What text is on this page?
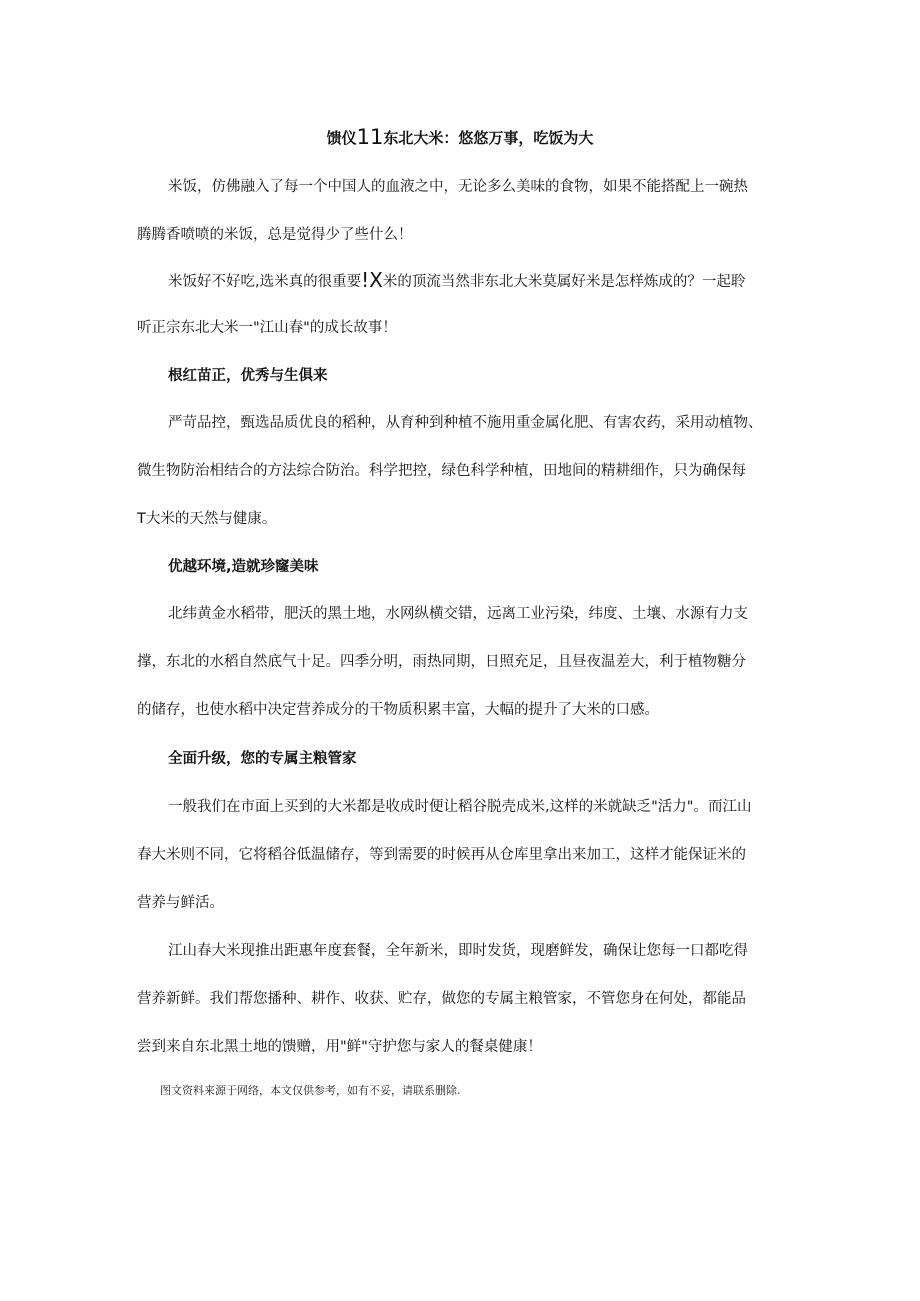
馈仪11东北大米：悠悠万事，吃饭为大
米饭，仿佛融入了每一个中国人的血液之中，无论多么美味的食物，如果不能搭配上一碗热
腾腾香喷喷的米饭，总是觉得少了些什么！
米饭好不好吃,选米真的很重要!X米的顶流当然非东北大米莫属好米是怎样炼成的？一起聆
听正宗东北大米一"江山春"的成长故事！
根红苗正，优秀与生俱来
严苛品控，甄选品质优良的稻种，从育种到种植不施用重金属化肥、有害农药，采用动植物、
微生物防治相结合的方法综合防治。科学把控，绿色科学种植，田地间的精耕细作，只为确保每
T大米的天然与健康。
优越环境,造就珍窿美味
北纬黄金水稻带，肥沃的黑土地，水网纵横交错，远离工业污染，纬度、土壤、水源有力支
撑，东北的水稻自然底气十足。四季分明，雨热同期，日照充足，且昼夜温差大，利于植物糖分
的储存，也使水稻中决定营养成分的干物质积累丰富，大幅的提升了大米的口感。
全面升级，您的专属主粮管家
一般我们在市面上买到的大米都是收成时便让稻谷脱壳成米,这样的米就缺乏"活力"。而江山
春大米则不同，它将稻谷低温储存，等到需要的时候再从仓库里拿出来加工，这样才能保证米的
营养与鲜活。
江山春大米现推出距惠年度套餐，全年新米，即时发货，现磨鲜发，确保让您每一口都吃得
营养新鲜。我们帮您播种、耕作、收获、贮存，做您的专属主粮管家，不管您身在何处，都能品
尝到来自东北黑土地的馈赠，用"鲜"守护您与家人的餐桌健康！
图文资料来源于网络，本文仅供参考，如有不妥，请联系删除.
